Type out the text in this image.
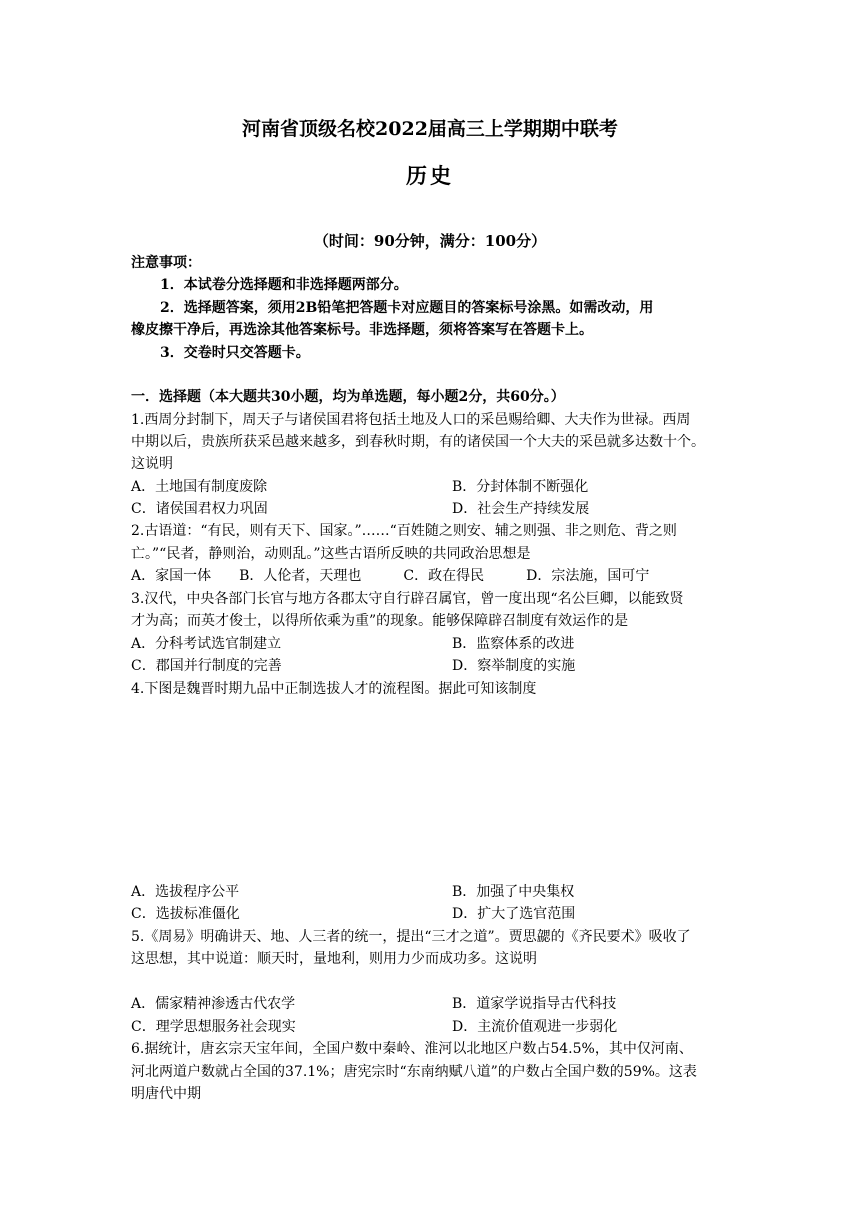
河南省顶级名校2022届高三上学期期中联考
历史
（时间：90分钟，满分：100分）
注意事项：
1．本试卷分选择题和非选择题两部分。
2．选择题答案，须用2B铅笔把答题卡对应题目的答案标号涂黑。如需改动，用
橡皮擦干净后，再选涂其他答案标号。非选择题，须将答案写在答题卡上。
3．交卷时只交答题卡。
一．选择题（本大题共30小题，均为单选题，每小题2分，共60分。）
1.西周分封制下，周天子与诸侯国君将包括土地及人口的采邑赐给卿、大夫作为世禄。西周
中期以后，贵族所获采邑越来越多，到春秋时期，有的诸侯国一个大夫的采邑就多达数十个。
这说明
A．土地国有制度废除	B．分封体制不断强化
C．诸侯国君权力巩固	D．社会生产持续发展
2.古语道：“有民，则有天下、国家。”……“百姓随之则安、辅之则强、非之则危、背之则
亡。”“民者，静则治，动则乱。”这些古语所反映的共同政治思想是
A．家国一体　　B．人伦者，天理也　　　C．政在得民　　　D．宗法施，国可宁
3.汉代，中央各部门长官与地方各郡太守自行辟召属官，曾一度出现“名公巨卿，以能致贤
才为高；而英才俊士，以得所依乘为重”的现象。能够保障辟召制度有效运作的是
A．分科考试选官制建立	B．监察体系的改进
C．郡国并行制度的完善	D．察举制度的实施
4.下图是魏晋时期九品中正制选拔人才的流程图。据此可知该制度
A．选拔程序公平	B．加强了中央集权
C．选拔标准僵化	D．扩大了选官范围
5.《周易》明确讲天、地、人三者的统一，提出“三才之道”。贾思勰的《齐民要术》吸收了
这思想，其中说道：顺天时，量地利，则用力少而成功多。这说明
A．儒家精神渗透古代农学	B．道家学说指导古代科技
C．理学思想服务社会现实	D．主流价值观进一步弱化
6.据统计，唐玄宗天宝年间，全国户数中秦岭、淮河以北地区户数占54.5%，其中仅河南、
河北两道户数就占全国的37.1%；唐宪宗时“东南纳赋八道”的户数占全国户数的59%。这表
明唐代中期
